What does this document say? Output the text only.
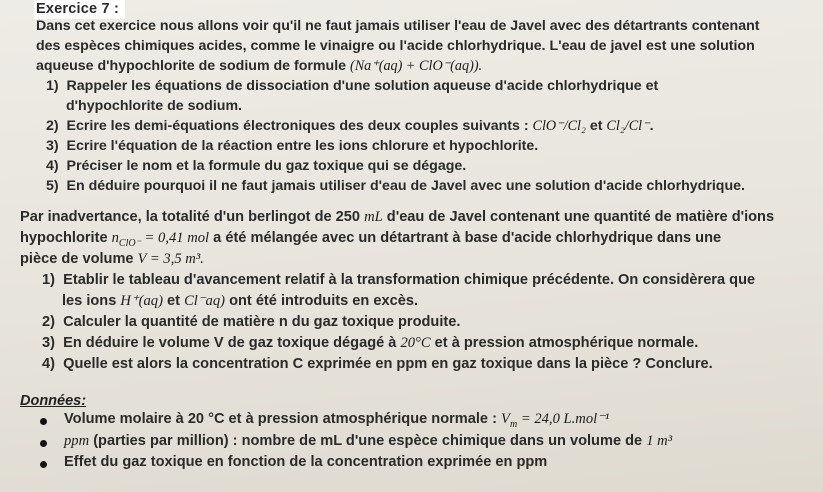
Exercice 7 :
Dans cet exercice nous allons voir qu'il ne faut jamais utiliser l'eau de Javel avec des détartrants contenant
des espèces chimiques acides, comme le vinaigre ou l'acide chlorhydrique. L'eau de javel est une solution
aqueuse d'hypochlorite de sodium de formule (Na⁺(aq) + ClO⁻(aq)).
1) Rappeler les équations de dissociation d'une solution aqueuse d'acide chlorhydrique et
d'hypochlorite de sodium.
2) Ecrire les demi-équations électroniques des deux couples suivants : ClO⁻/Cl₂ et Cl₂/Cl⁻.
3) Ecrire l'équation de la réaction entre les ions chlorure et hypochlorite.
4) Préciser le nom et la formule du gaz toxique qui se dégage.
5) En déduire pourquoi il ne faut jamais utiliser d'eau de Javel avec une solution d'acide chlorhydrique.
Par inadvertance, la totalité d'un berlingot de 250 mL d'eau de Javel contenant une quantité de matière d'ions
hypochlorite $n_{ClO^-} = 0,41$ mol a été mélangée avec un détartrant à base d'acide chlorhydrique dans une
pièce de volume V = 3,5 m³.
1) Etablir le tableau d'avancement relatif à la transformation chimique précédente. On considèrera que
les ions H⁺(aq) et Cl⁻aq) ont été introduits en excès.
2) Calculer la quantité de matière n du gaz toxique produite.
3) En déduire le volume V de gaz toxique dégagé à 20°C et à pression atmosphérique normale.
4) Quelle est alors la concentration C exprimée en ppm en gaz toxique dans la pièce ? Conclure.
Données:
Volume molaire à 20 °C et à pression atmosphérique normale : $V_m = 24,0$ L.mol⁻¹
ppm (parties par million) : nombre de mL d'une espèce chimique dans un volume de 1 m³
Effet du gaz toxique en fonction de la concentration exprimée en ppm
